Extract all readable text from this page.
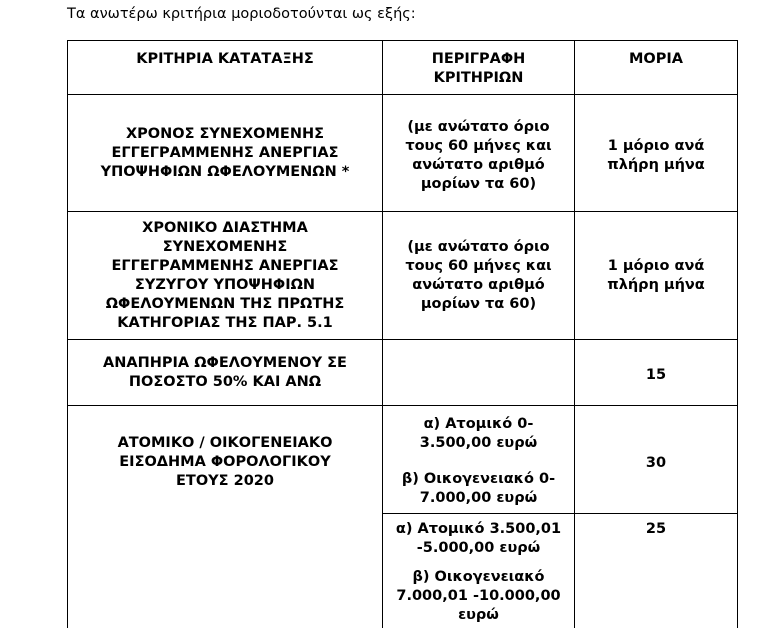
Τα ανωτέρω κριτήρια μοριοδοτούνται ως εξής:
ΚΡΙΤΗΡΙΑ ΚΑΤΑΤΑΞΗΣ	ΠΕΡΙΓΡΑΦΗ
ΚΡΙΤΗΡΙΩΝ
ΜΟΡΙΑ
ΧΡΟΝΟΣ ΣΥΝΕΧΟΜΕΝΗΣ
ΕΓΓΕΓΡΑΜΜΕΝΗΣ ΑΝΕΡΓΙΑΣ
ΥΠΟΨΗΦΙΩΝ ΩΦΕΛΟΥΜΕΝΩΝ *
(με ανώτατο όριο
τους 60 μήνες και
ανώτατο αριθμό
μορίων τα 60)
1 μόριο ανά
πλήρη μήνα
ΧΡΟΝΙΚΟ ΔΙΑΣΤΗΜΑ
ΣΥΝΕΧΟΜΕΝΗΣ
ΕΓΓΕΓΡΑΜΜΕΝΗΣ ΑΝΕΡΓΙΑΣ
ΣΥΖΥΓΟΥ ΥΠΟΨΗΦΙΩΝ
ΩΦΕΛΟΥΜΕΝΩΝ ΤΗΣ ΠΡΩΤΗΣ
ΚΑΤΗΓΟΡΙΑΣ ΤΗΣ ΠΑΡ. 5.1
(με ανώτατο όριο
τους 60 μήνες και
ανώτατο αριθμό
μορίων τα 60)
1 μόριο ανά
πλήρη μήνα
ΑΝΑΠΗΡΙΑ ΩΦΕΛΟΥΜΕΝΟΥ ΣΕ
ΠΟΣΟΣΤΟ 50% ΚΑΙ ΑΝΩ	15
ΑΤΟΜΙΚΟ / ΟΙΚΟΓΕΝΕΙΑΚΟ
ΕΙΣΟΔΗΜΑ ΦΟΡΟΛΟΓΙΚΟΥ
ΕΤΟΥΣ 2020
α) Ατομικό 0-
3.500,00 ευρώ
β) Οικογενειακό 0-
7.000,00 ευρώ
30
α) Ατομικό 3.500,01
-5.000,00 ευρώ
β) Οικογενειακό
7.000,01 -10.000,00
ευρώ
25
